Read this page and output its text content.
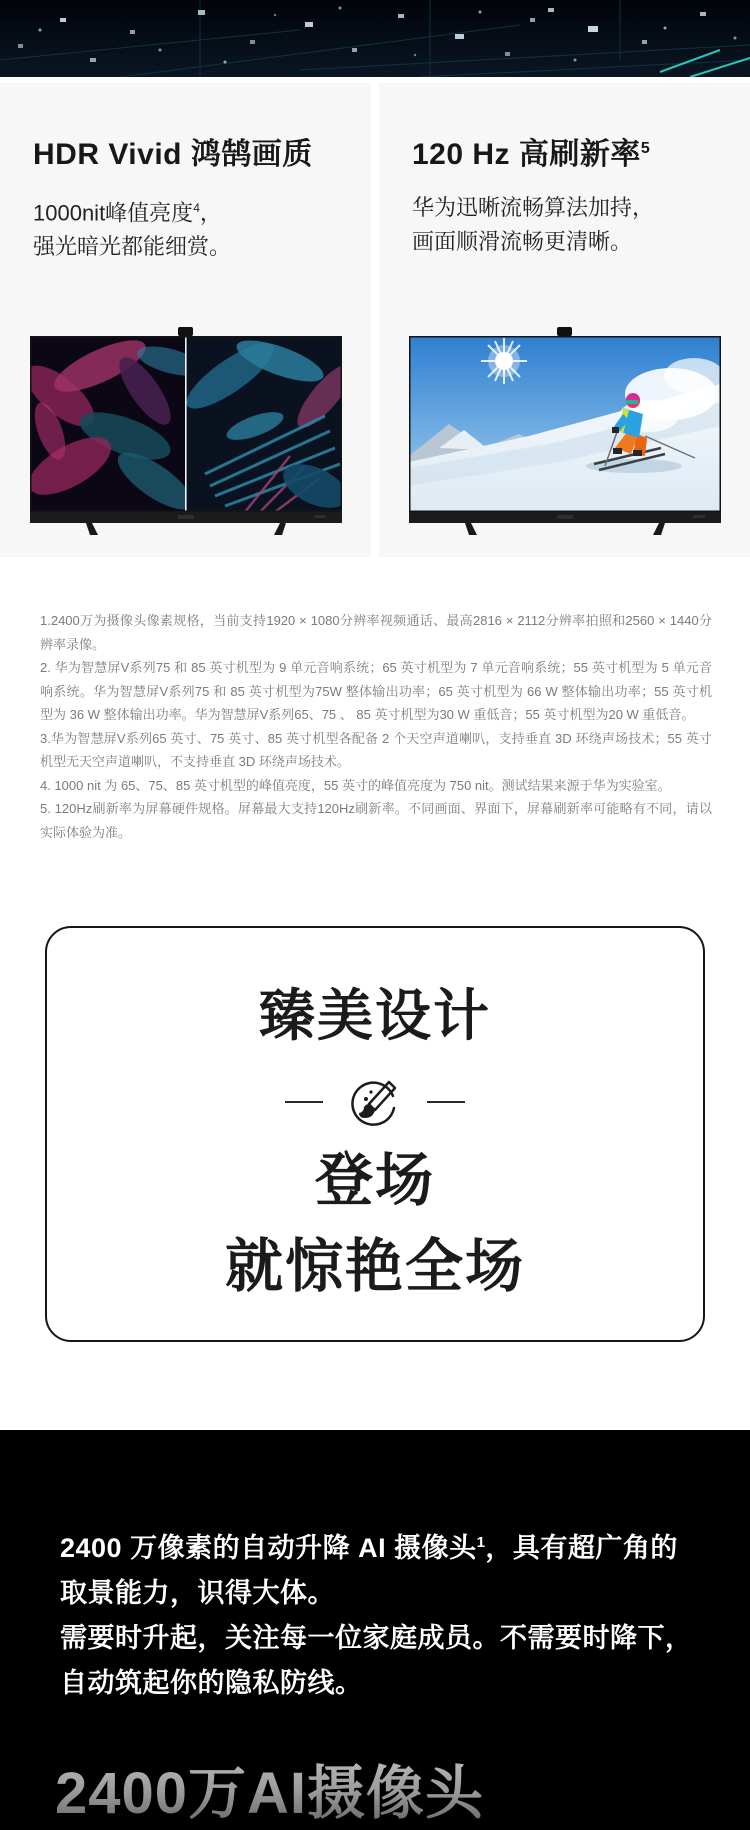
HDR Vivid 鸿鹄画质
1000nit峰值亮度$^4$，
强光暗光都能细赏。
120 Hz 高刷新率$^5$
华为迅晰流畅算法加持，
画面顺滑流畅更清晰。

1.2400万为摄像头像素规格，当前支持1920 × 1080分辨率视频通话、最高2816 × 2112分辨率拍照和2560 × 1440分辨率录像。

2. 华为智慧屏V系列75 和 85 英寸机型为 9 单元音响系统；65 英寸机型为 7 单元音响系统；55 英寸机型为 5 单元音响系统。华为智慧屏V系列75 和 85 英寸机型为75W 整体输出功率；65 英寸机型为 66 W 整体输出功率；55 英寸机型为 36 W 整体输出功率。华为智慧屏V系列65、75 、 85 英寸机型为30 W 重低音；55 英寸机型为20 W 重低音。

3.华为智慧屏V系列65 英寸、75 英寸、85 英寸机型各配备 2 个天空声道喇叭，支持垂直 3D 环绕声场技术；55 英寸机型无天空声道喇叭，不支持垂直 3D 环绕声场技术。

4. 1000 nit 为 65、75、85 英寸机型的峰值亮度，55 英寸的峰值亮度为 750 nit。测试结果来源于华为实验室。

5. 120Hz刷新率为屏幕硬件规格。屏幕最大支持120Hz刷新率。不同画面、界面下，屏幕刷新率可能略有不同，请以实际体验为准。

臻美设计
登场
就惊艳全场
2400 万像素的自动升降 AI 摄像头$^1$，具有超广角的
取景能力，识得大体。
需要时升起，关注每一位家庭成员。不需要时降下，
自动筑起你的隐私防线。
2400万AI摄像头
